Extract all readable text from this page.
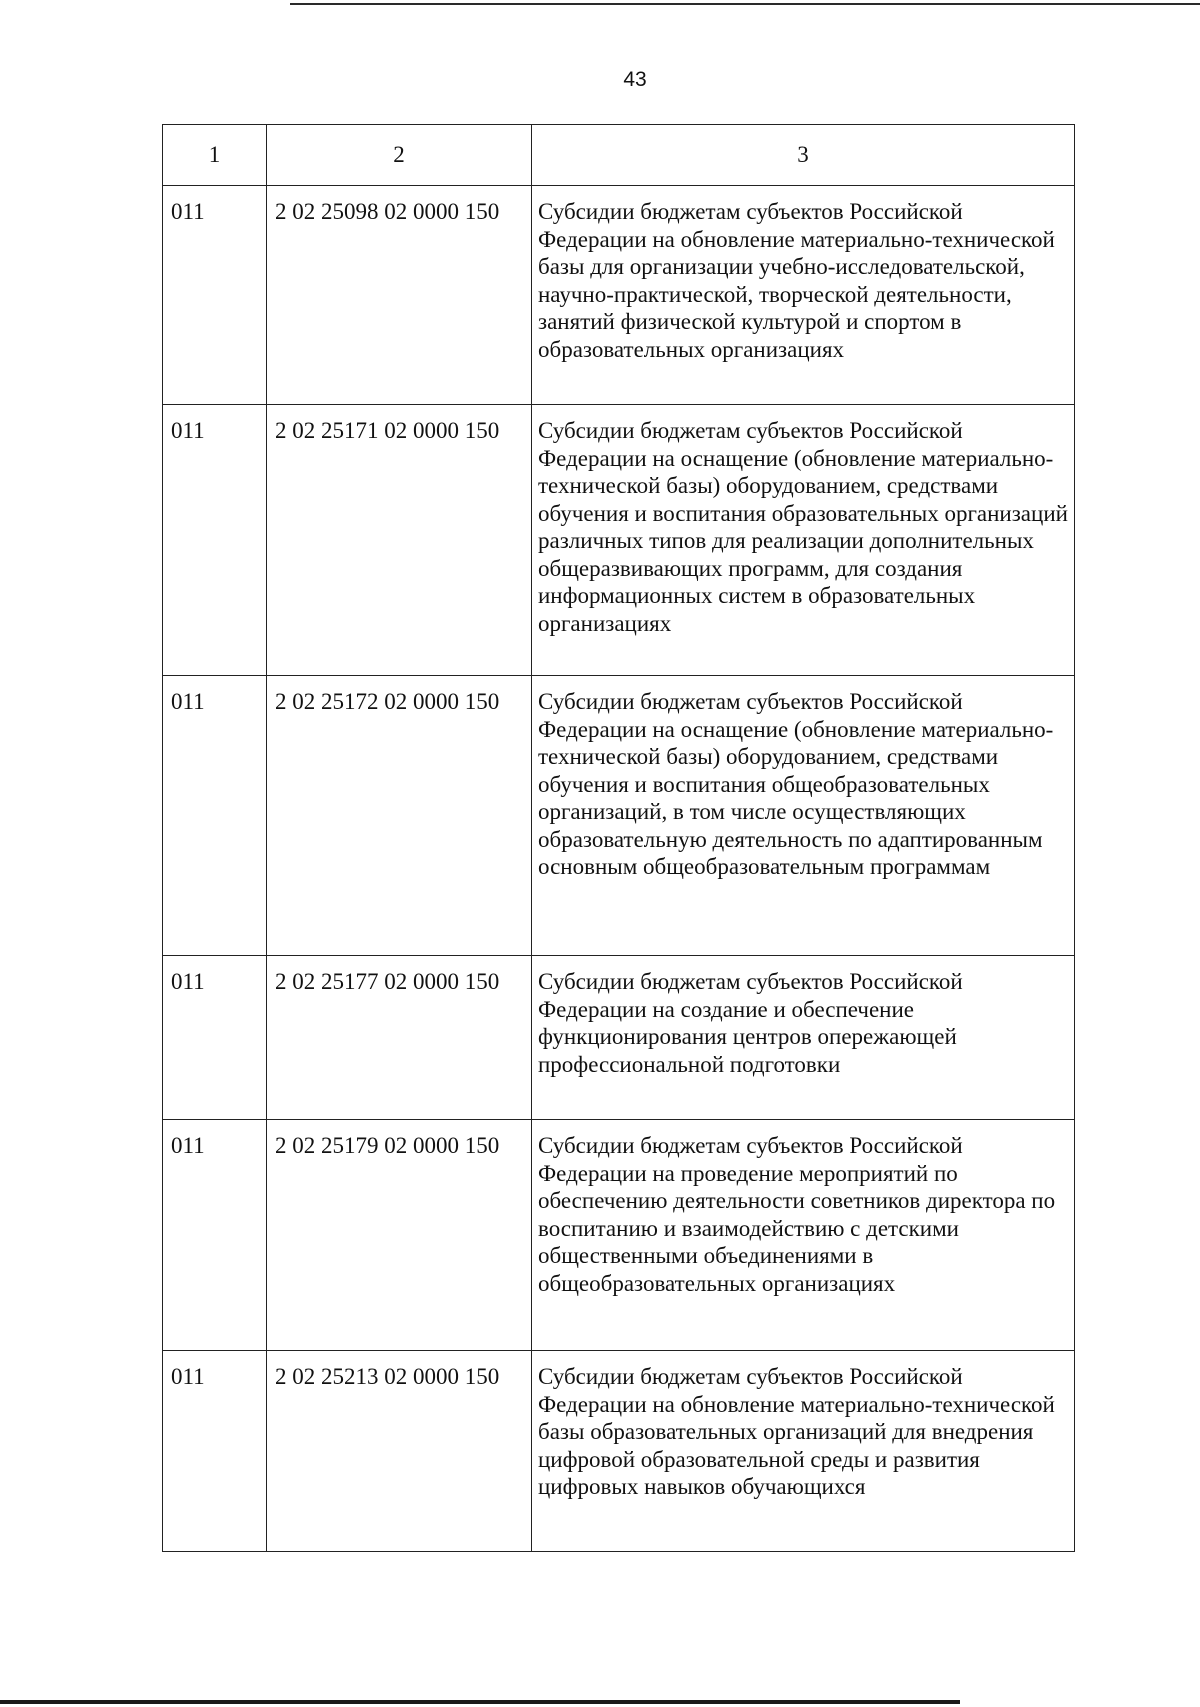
43
1	2	3
011	2 02 25098 02 0000 150	Субсидии бюджетам субъектов Российской Федерации на обновление материально-технической базы для организации учебно-исследовательской, научно-практической, творческой деятельности, занятий физической культурой и спортом в образовательных организациях
011	2 02 25171 02 0000 150	Субсидии бюджетам субъектов Российской Федерации на оснащение (обновление материально-технической базы) оборудованием, средствами обучения и воспитания образовательных организаций различных типов для реализации дополнительных общеразвивающих программ, для создания информационных систем в образовательных организациях
011	2 02 25172 02 0000 150	Субсидии бюджетам субъектов Российской Федерации на оснащение (обновление материально-технической базы) оборудованием, средствами обучения и воспитания общеобразовательных организаций, в том числе осуществляющих образовательную деятельность по адаптированным основным общеобразовательным программам
011	2 02 25177 02 0000 150	Субсидии бюджетам субъектов Российской Федерации на создание и обеспечение функционирования центров опережающей профессиональной подготовки
011	2 02 25179 02 0000 150	Субсидии бюджетам субъектов Российской Федерации на проведение мероприятий по обеспечению деятельности советников директора по воспитанию и взаимодействию с детскими общественными объединениями в общеобразовательных организациях
011	2 02 25213 02 0000 150	Субсидии бюджетам субъектов Российской Федерации на обновление материально-технической базы образовательных организаций для внедрения цифровой образовательной среды и развития цифровых навыков обучающихся
